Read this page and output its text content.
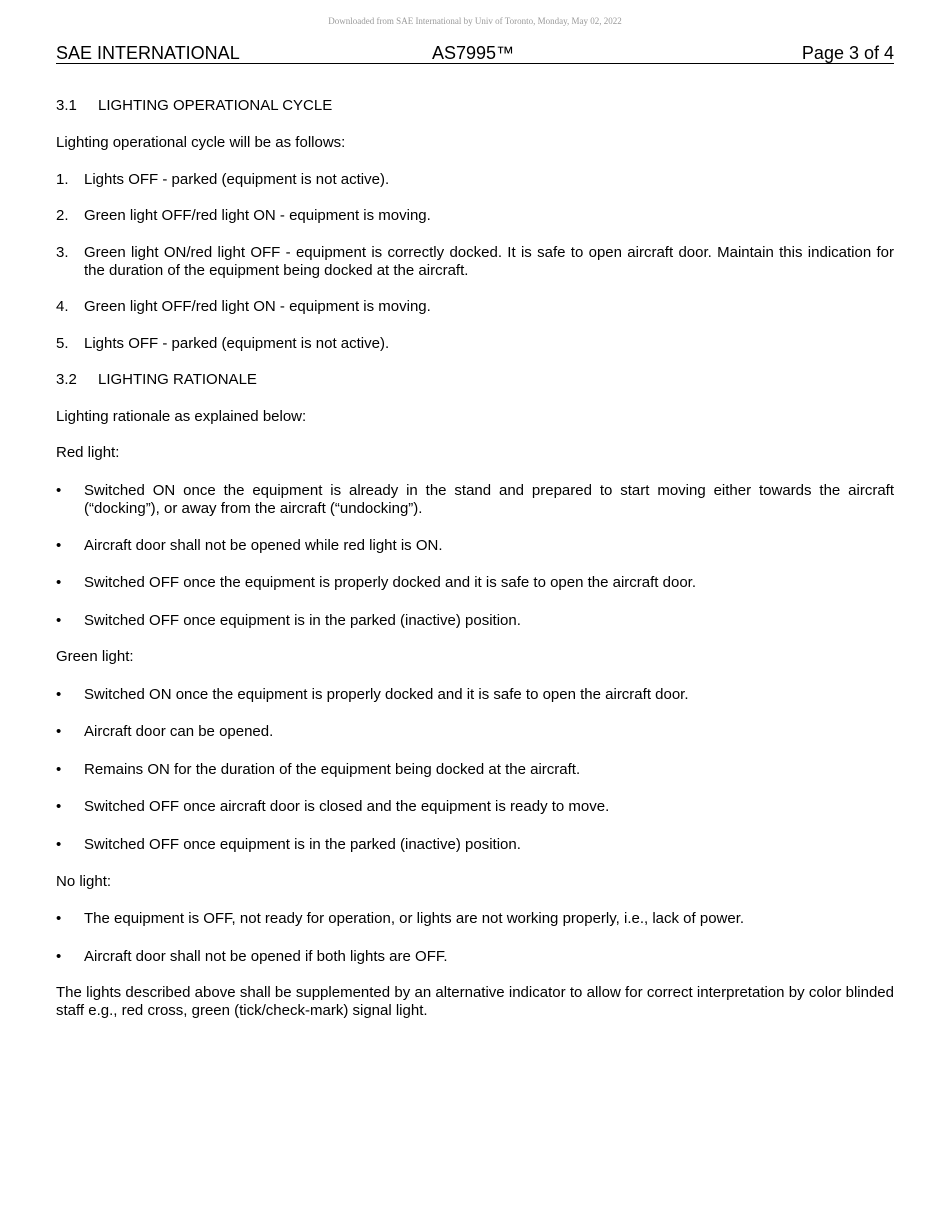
Downloaded from SAE International by Univ of Toronto, Monday, May 02, 2022
SAE INTERNATIONAL	AS7995™	Page 3 of 4
3.1 LIGHTING OPERATIONAL CYCLE
Lighting operational cycle will be as follows:
1. Lights OFF - parked (equipment is not active).
2. Green light OFF/red light ON - equipment is moving.
3. Green light ON/red light OFF - equipment is correctly docked. It is safe to open aircraft door. Maintain this indication for the duration of the equipment being docked at the aircraft.
4. Green light OFF/red light ON - equipment is moving.
5. Lights OFF - parked (equipment is not active).
3.2 LIGHTING RATIONALE
Lighting rationale as explained below:
Red light:
• Switched ON once the equipment is already in the stand and prepared to start moving either towards the aircraft (“docking”), or away from the aircraft (“undocking”).
• Aircraft door shall not be opened while red light is ON.
• Switched OFF once the equipment is properly docked and it is safe to open the aircraft door.
• Switched OFF once equipment is in the parked (inactive) position.
Green light:
• Switched ON once the equipment is properly docked and it is safe to open the aircraft door.
• Aircraft door can be opened.
• Remains ON for the duration of the equipment being docked at the aircraft.
• Switched OFF once aircraft door is closed and the equipment is ready to move.
• Switched OFF once equipment is in the parked (inactive) position.
No light:
• The equipment is OFF, not ready for operation, or lights are not working properly, i.e., lack of power.
• Aircraft door shall not be opened if both lights are OFF.
The lights described above shall be supplemented by an alternative indicator to allow for correct interpretation by color blinded staff e.g., red cross, green (tick/check-mark) signal light.
